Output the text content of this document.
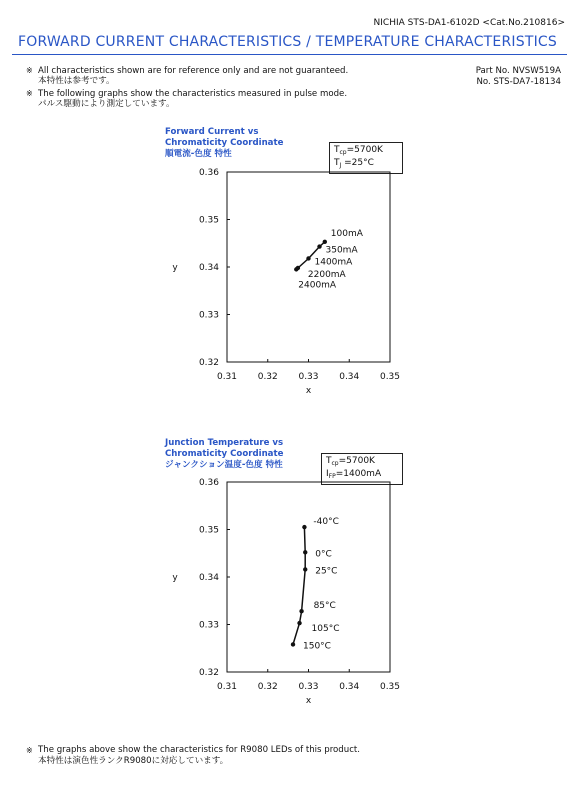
NICHIA STS-DA1-6102D <Cat.No.210816>
FORWARD CURRENT CHARACTERISTICS / TEMPERATURE CHARACTERISTICS
※ All characteristics shown are for reference only and are not guaranteed.
本特性は参考です。
※ The following graphs show the characteristics measured in pulse mode.
パルス駆動により測定しています。
Part No. NVSW519A
No. STS-DA7-18134
Forward Current vs
Chromaticity Coordinate
順電流-色度 特性	$T_{cp}=5700K$
$T_J =25^\circ C$
Junction Temperature vs
Chromaticity Coordinate
ジャンクション温度-色度 特性	$T_{cp}=5700K$
$I_{FP}=1400mA$
0.31 0.32 0.33 0.34 0.35
0.36
0.35
0.34
0.33
0.32
x
y
100mA
350mA
1400mA
2200mA
2400mA
0.31 0.32 0.33 0.34 0.35
0.36
0.35
0.34
0.33
0.32
x
y
-40°C
0°C
25°C
85°C
105°C
150°C
※ The graphs above show the characteristics for R9080 LEDs of this product.
本特性は演色性ランクR9080に対応しています。
